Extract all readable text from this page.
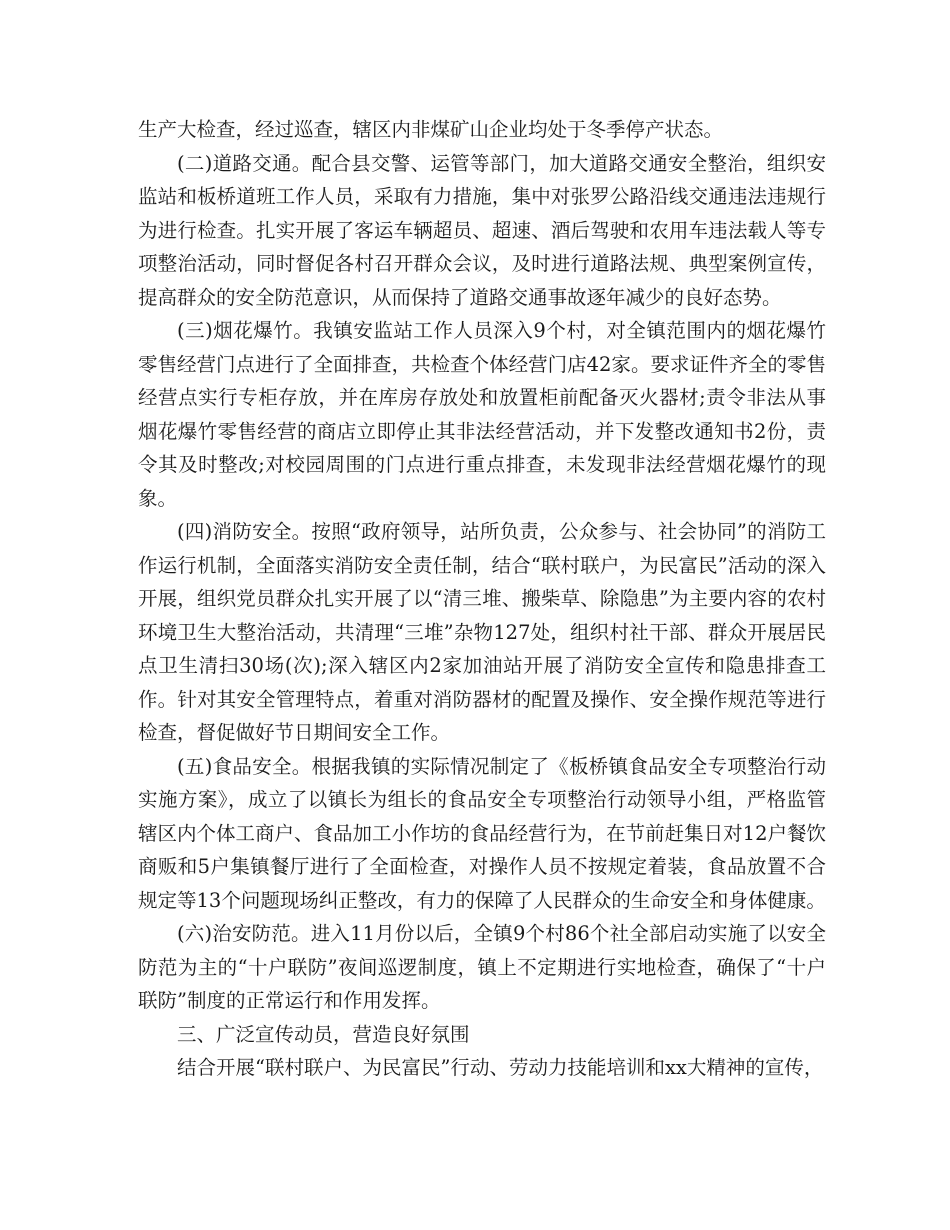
生产大检查，经过巡查，辖区内非煤矿山企业均处于冬季停产状态。

(二)道路交通。配合县交警、运管等部门，加大道路交通安全整治，组织安监站和板桥道班工作人员，采取有力措施，集中对张罗公路沿线交通违法违规行为进行检查。扎实开展了客运车辆超员、超速、酒后驾驶和农用车违法载人等专项整治活动，同时督促各村召开群众会议，及时进行道路法规、典型案例宣传，提高群众的安全防范意识，从而保持了道路交通事故逐年减少的良好态势。

(三)烟花爆竹。我镇安监站工作人员深入9个村，对全镇范围内的烟花爆竹零售经营门点进行了全面排查，共检查个体经营门店42家。要求证件齐全的零售经营点实行专柜存放，并在库房存放处和放置柜前配备灭火器材;责令非法从事烟花爆竹零售经营的商店立即停止其非法经营活动，并下发整改通知书2份，责令其及时整改;对校园周围的门点进行重点排查，未发现非法经营烟花爆竹的现象。

(四)消防安全。按照“政府领导，站所负责，公众参与、社会协同”的消防工作运行机制，全面落实消防安全责任制，结合“联村联户，为民富民”活动的深入开展，组织党员群众扎实开展了以“清三堆、搬柴草、除隐患”为主要内容的农村环境卫生大整治活动，共清理“三堆”杂物127处，组织村社干部、群众开展居民点卫生清扫30场(次);深入辖区内2家加油站开展了消防安全宣传和隐患排查工作。针对其安全管理特点，着重对消防器材的配置及操作、安全操作规范等进行检查，督促做好节日期间安全工作。

(五)食品安全。根据我镇的实际情况制定了《板桥镇食品安全专项整治行动实施方案》，成立了以镇长为组长的食品安全专项整治行动领导小组，严格监管辖区内个体工商户、食品加工小作坊的食品经营行为，在节前赶集日对12户餐饮商贩和5户集镇餐厅进行了全面检查，对操作人员不按规定着装，食品放置不合规定等13个问题现场纠正整改，有力的保障了人民群众的生命安全和身体健康。

(六)治安防范。进入11月份以后，全镇9个村86个社全部启动实施了以安全防范为主的“十户联防”夜间巡逻制度，镇上不定期进行实地检查，确保了“十户联防”制度的正常运行和作用发挥。

三、广泛宣传动员，营造良好氛围

结合开展“联村联户、为民富民”行动、劳动力技能培训和xx大精神的宣传，
